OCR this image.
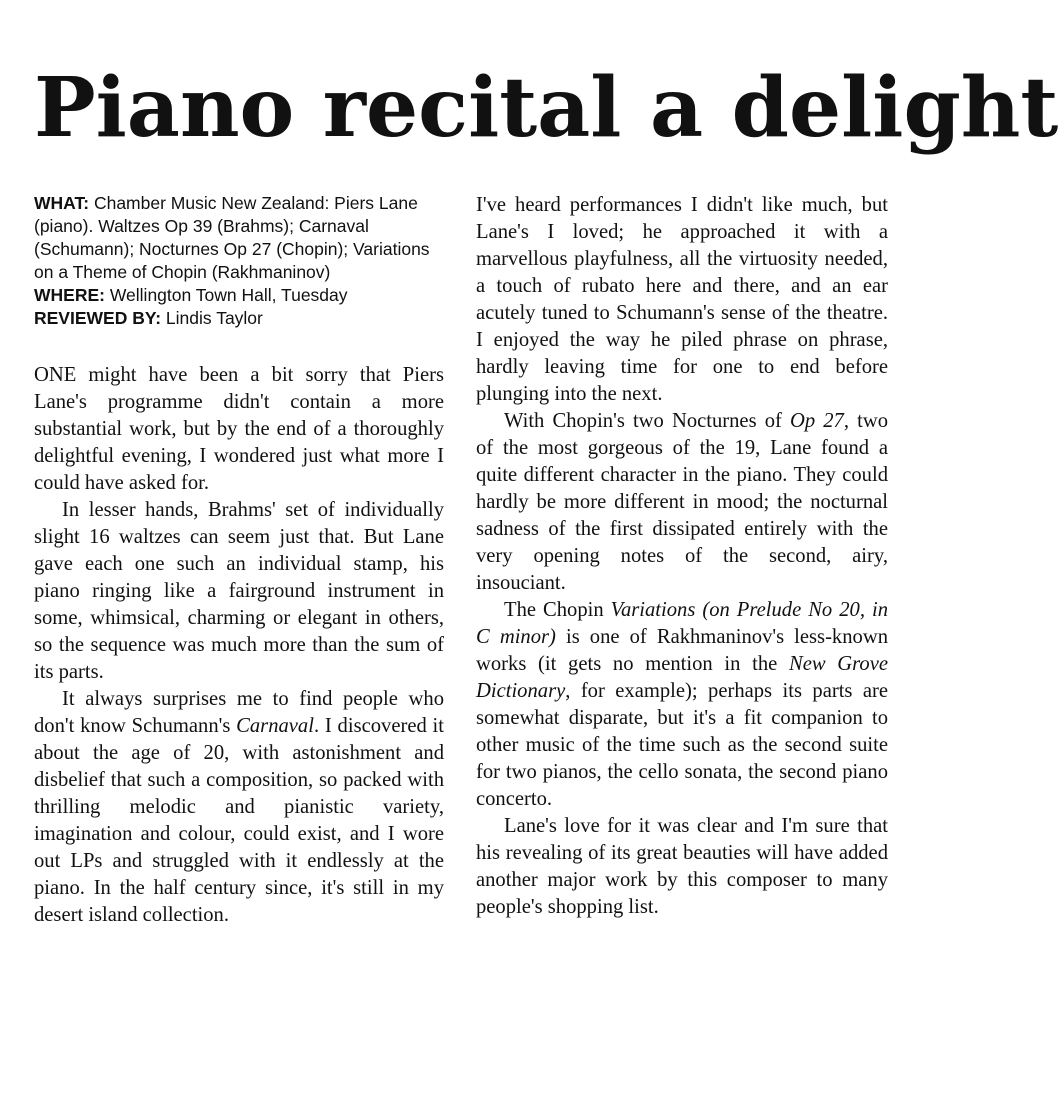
Piano recital a delight

WHAT: Chamber Music New Zealand: Piers Lane (piano). Waltzes Op 39 (Brahms); Carnaval (Schumann); Nocturnes Op 27 (Chopin); Variations on a Theme of Chopin (Rakhmaninov)

WHERE: Wellington Town Hall, Tuesday

REVIEWED BY: Lindis Taylor

ONE might have been a bit sorry that Piers Lane's programme didn't contain a more substantial work, but by the end of a thoroughly delightful evening, I wondered just what more I could have asked for.

In lesser hands, Brahms' set of individually slight 16 waltzes can seem just that. But Lane gave each one such an individual stamp, his piano ringing like a fairground instrument in some, whimsical, charming or elegant in others, so the sequence was much more than the sum of its parts.

It always surprises me to find people who don't know Schumann's Carnaval. I discovered it about the age of 20, with astonishment and disbelief that such a composition, so packed with thrilling melodic and pianistic variety, imagination and colour, could exist, and I wore out LPs and struggled with it endlessly at the piano. In the half century since, it's still in my desert island collection.

I've heard performances I didn't like much, but Lane's I loved; he approached it with a marvellous playfulness, all the virtuosity needed, a touch of rubato here and there, and an ear acutely tuned to Schumann's sense of the theatre. I enjoyed the way he piled phrase on phrase, hardly leaving time for one to end before plunging into the next.

With Chopin's two Nocturnes of Op 27, two of the most gorgeous of the 19, Lane found a quite different character in the piano. They could hardly be more different in mood; the nocturnal sadness of the first dissipated entirely with the very opening notes of the second, airy, insouciant.

The Chopin Variations (on Prelude No 20, in C minor) is one of Rakhmaninov's less-known works (it gets no mention in the New Grove Dictionary, for example); perhaps its parts are somewhat disparate, but it's a fit companion to other music of the time such as the second suite for two pianos, the cello sonata, the second piano concerto.

Lane's love for it was clear and I'm sure that his revealing of its great beauties will have added another major work by this composer to many people's shopping list.
